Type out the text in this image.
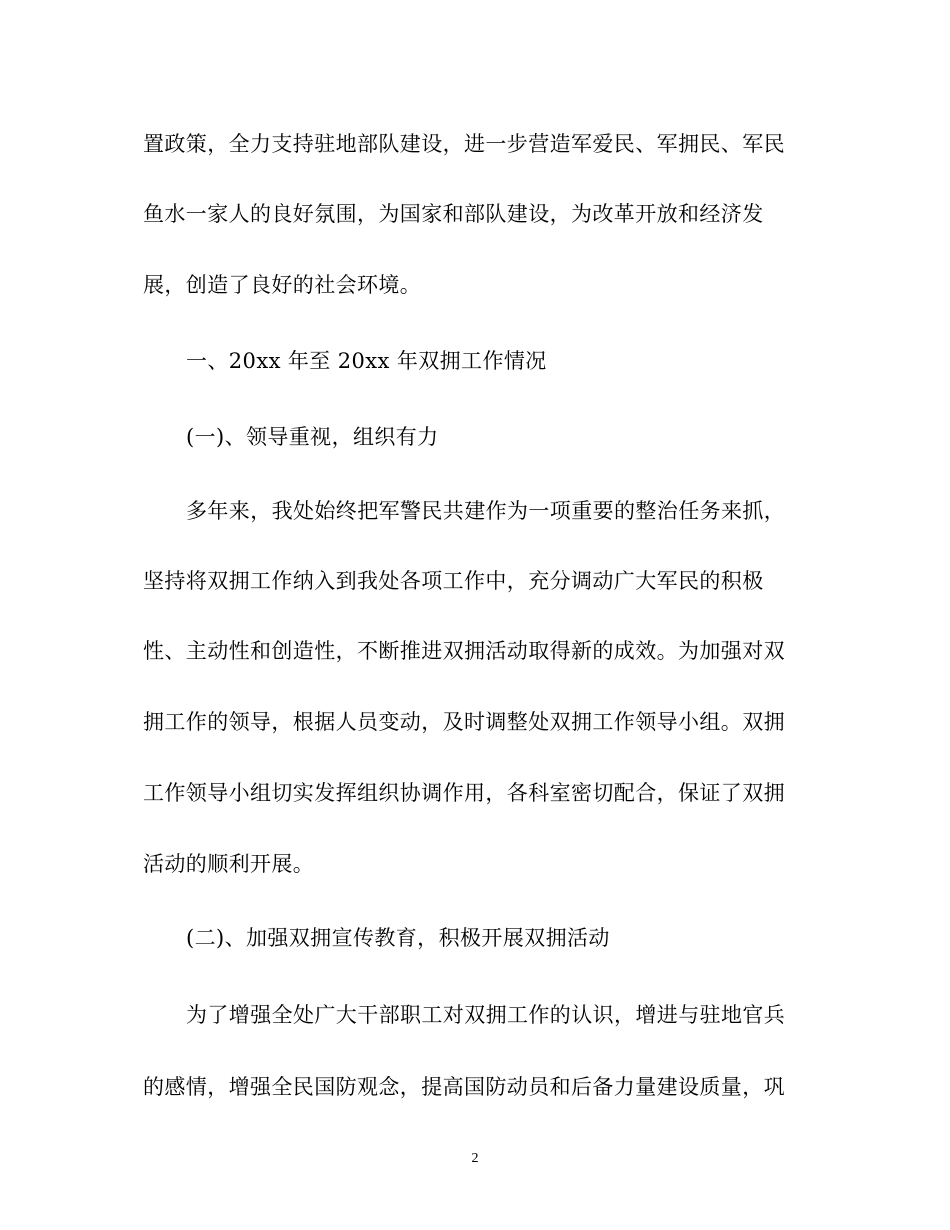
置政策，全力支持驻地部队建设，进一步营造军爱民、军拥民、军民
鱼水一家人的良好氛围，为国家和部队建设，为改革开放和经济发
展，创造了良好的社会环境。
一、20xx 年至 20xx 年双拥工作情况
(一)、领导重视，组织有力
多年来，我处始终把军警民共建作为一项重要的整治任务来抓，
坚持将双拥工作纳入到我处各项工作中，充分调动广大军民的积极
性、主动性和创造性，不断推进双拥活动取得新的成效。为加强对双
拥工作的领导，根据人员变动，及时调整处双拥工作领导小组。双拥
工作领导小组切实发挥组织协调作用，各科室密切配合，保证了双拥
活动的顺利开展。
(二)、加强双拥宣传教育，积极开展双拥活动
为了增强全处广大干部职工对双拥工作的认识，增进与驻地官兵
的感情，增强全民国防观念，提高国防动员和后备力量建设质量，巩
2
